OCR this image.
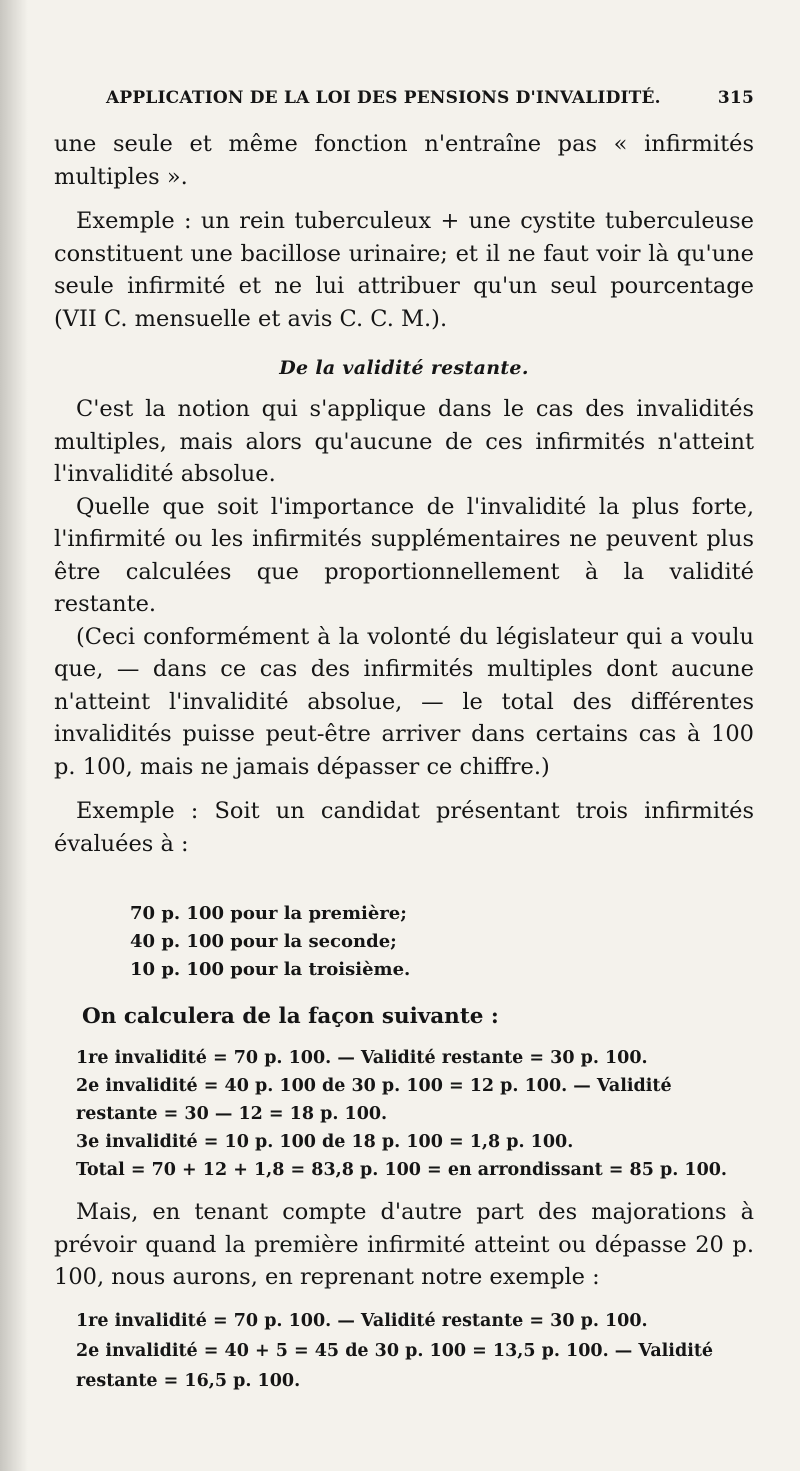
APPLICATION DE LA LOI DES PENSIONS D'INVALIDITÉ.	315

une seule et même fonction n'entraîne pas « infirmités multiples ».

Exemple : un rein tuberculeux + une cystite tuberculeuse constituent une bacillose urinaire; et il ne faut voir là qu'une seule infirmité et ne lui attribuer qu'un seul pourcentage (VII C. mensuelle et avis C. C. M.).

De la validité restante.

C'est la notion qui s'applique dans le cas des invalidités multiples, mais alors qu'aucune de ces infirmités n'atteint l'invalidité absolue.

Quelle que soit l'importance de l'invalidité la plus forte, l'infirmité ou les infirmités supplémentaires ne peuvent plus être calculées que proportionnellement à la validité restante.

(Ceci conformément à la volonté du législateur qui a voulu que, — dans ce cas des infirmités multiples dont aucune n'atteint l'invalidité absolue, — le total des différentes invalidités puisse peut-être arriver dans certains cas à 100 p. 100, mais ne jamais dépasser ce chiffre.)

Exemple : Soit un candidat présentant trois infirmités évaluées à :

70 p. 100 pour la première;
40 p. 100 pour la seconde;
10 p. 100 pour la troisième.
On calculera de la façon suivante :
1re invalidité = 70 p. 100. — Validité restante = 30 p. 100.
2e invalidité = 40 p. 100 de 30 p. 100 = 12 p. 100. — Validité restante = 30 — 12 = 18 p. 100.
3e invalidité = 10 p. 100 de 18 p. 100 = 1,8 p. 100.
Total = 70 + 12 + 1,8 = 83,8 p. 100 = en arrondissant = 85 p. 100.

Mais, en tenant compte d'autre part des majorations à prévoir quand la première infirmité atteint ou dépasse 20 p. 100, nous aurons, en reprenant notre exemple :

1re invalidité = 70 p. 100. — Validité restante = 30 p. 100.
2e invalidité = 40 + 5 = 45 de 30 p. 100 = 13,5 p. 100. — Validité restante = 16,5 p. 100.
